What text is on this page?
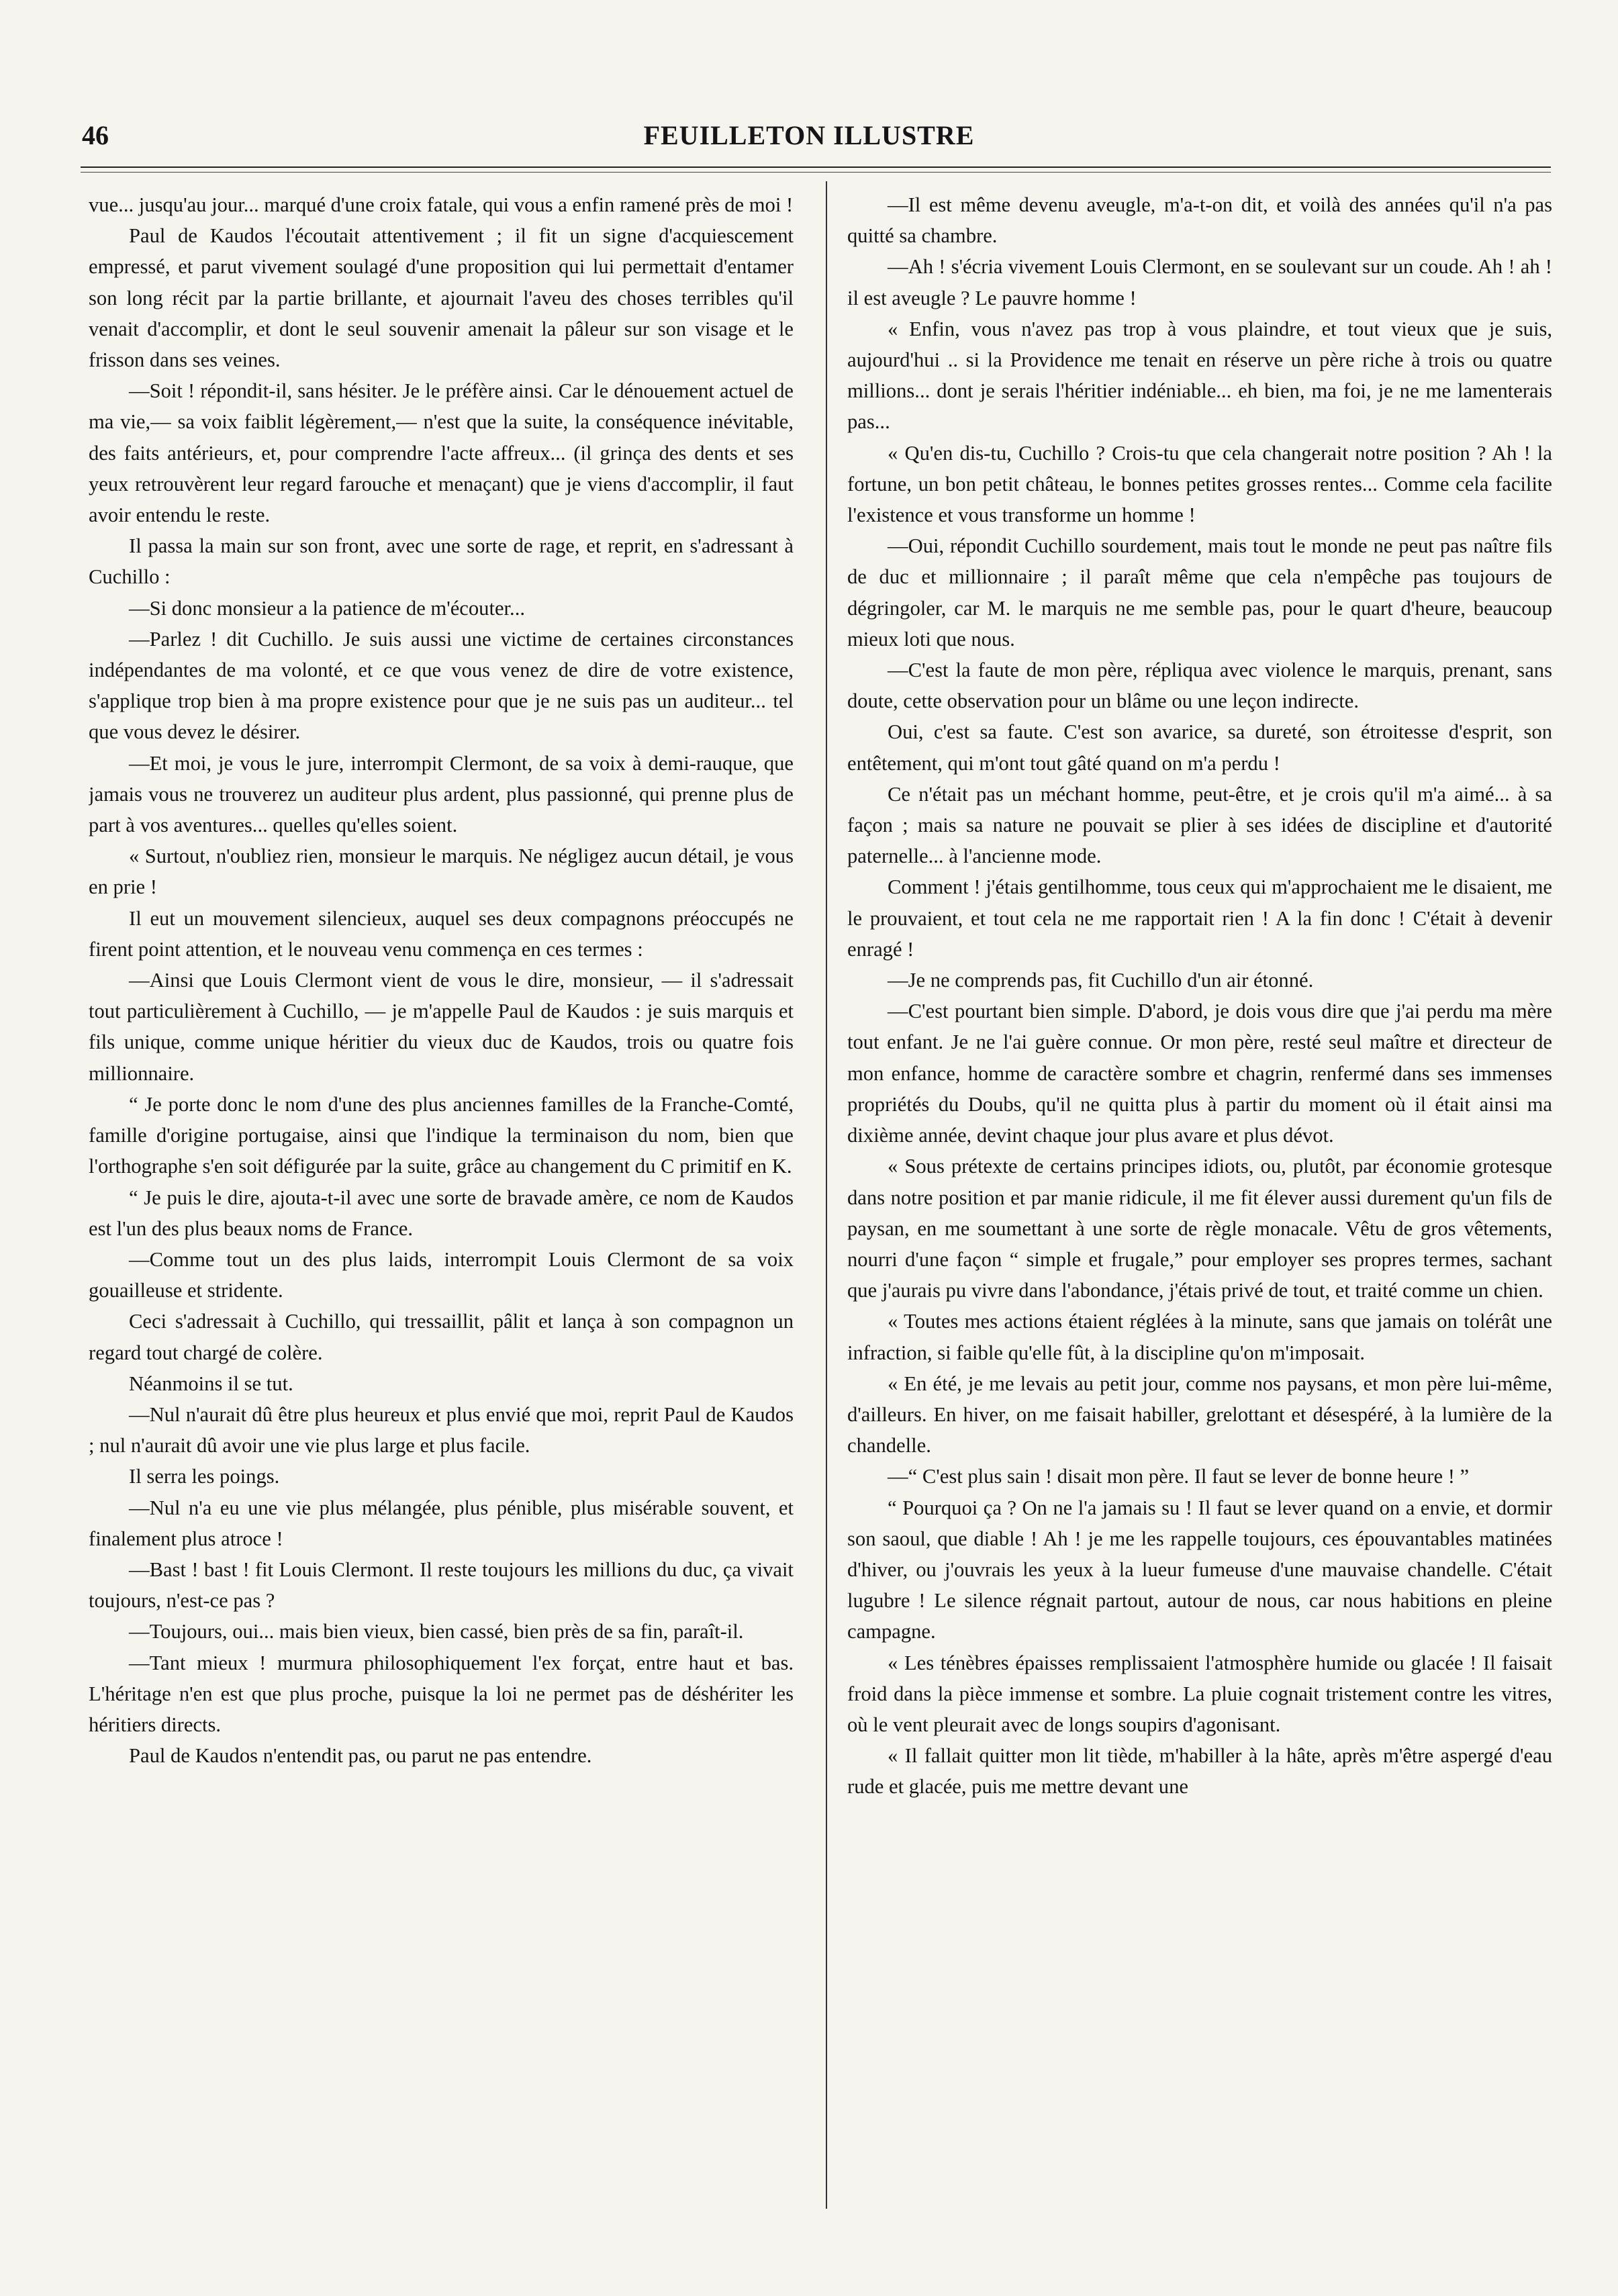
46	FEUILLETON ILLUSTRE

vue... jusqu'au jour... marqué d'une croix fatale, qui vous a enfin ramené près de moi !

Paul de Kaudos l'écoutait attentivement ; il fit un signe d'acquiescement empressé, et parut vivement soulagé d'une proposition qui lui permettait d'entamer son long récit par la partie brillante, et ajournait l'aveu des choses terribles qu'il venait d'accomplir, et dont le seul souvenir amenait la pâleur sur son visage et le frisson dans ses veines.

—Soit ! répondit-il, sans hésiter. Je le préfère ainsi. Car le dénouement actuel de ma vie,— sa voix faiblit légèrement,— n'est que la suite, la conséquence inévitable, des faits antérieurs, et, pour comprendre l'acte affreux... (il grinça des dents et ses yeux retrouvèrent leur regard farouche et menaçant) que je viens d'accomplir, il faut avoir entendu le reste.

Il passa la main sur son front, avec une sorte de rage, et reprit, en s'adressant à Cuchillo :

—Si donc monsieur a la patience de m'écouter...

—Parlez ! dit Cuchillo. Je suis aussi une victime de certaines circonstances indépendantes de ma volonté, et ce que vous venez de dire de votre existence, s'applique trop bien à ma propre existence pour que je ne suis pas un auditeur... tel que vous devez le désirer.

—Et moi, je vous le jure, interrompit Clermont, de sa voix à demi-rauque, que jamais vous ne trouverez un auditeur plus ardent, plus passionné, qui prenne plus de part à vos aventures... quelles qu'elles soient.

« Surtout, n'oubliez rien, monsieur le marquis. Ne négligez aucun détail, je vous en prie !

Il eut un mouvement silencieux, auquel ses deux compagnons préoccupés ne firent point attention, et le nouveau venu commença en ces termes :

—Ainsi que Louis Clermont vient de vous le dire, monsieur, — il s'adressait tout particulièrement à Cuchillo, — je m'appelle Paul de Kaudos : je suis marquis et fils unique, comme unique héritier du vieux duc de Kaudos, trois ou quatre fois millionnaire.

“ Je porte donc le nom d'une des plus anciennes familles de la Franche-Comté, famille d'origine portugaise, ainsi que l'indique la terminaison du nom, bien que l'orthographe s'en soit défigurée par la suite, grâce au changement du C primitif en K.

“ Je puis le dire, ajouta-t-il avec une sorte de bravade amère, ce nom de Kaudos est l'un des plus beaux noms de France.

—Comme tout un des plus laids, interrompit Louis Clermont de sa voix gouailleuse et stridente.

Ceci s'adressait à Cuchillo, qui tressaillit, pâlit et lança à son compagnon un regard tout chargé de colère.

Néanmoins il se tut.

—Nul n'aurait dû être plus heureux et plus envié que moi, reprit Paul de Kaudos ; nul n'aurait dû avoir une vie plus large et plus facile.

Il serra les poings.

—Nul n'a eu une vie plus mélangée, plus pénible, plus misérable souvent, et finalement plus atroce !

—Bast ! bast ! fit Louis Clermont. Il reste toujours les millions du duc, ça vivait toujours, n'est-ce pas ?

—Toujours, oui... mais bien vieux, bien cassé, bien près de sa fin, paraît-il.

—Tant mieux ! murmura philosophiquement l'ex forçat, entre haut et bas. L'héritage n'en est que plus proche, puisque la loi ne permet pas de déshériter les héritiers directs.

Paul de Kaudos n'entendit pas, ou parut ne pas entendre.

—Il est même devenu aveugle, m'a-t-on dit, et voilà des années qu'il n'a pas quitté sa chambre.

—Ah ! s'écria vivement Louis Clermont, en se soulevant sur un coude. Ah ! ah ! il est aveugle ? Le pauvre homme !

« Enfin, vous n'avez pas trop à vous plaindre, et tout vieux que je suis, aujourd'hui .. si la Providence me tenait en réserve un père riche à trois ou quatre millions... dont je serais l'héritier indéniable... eh bien, ma foi, je ne me lamenterais pas...

« Qu'en dis-tu, Cuchillo ? Crois-tu que cela changerait notre position ? Ah ! la fortune, un bon petit château, le bonnes petites grosses rentes... Comme cela facilite l'existence et vous transforme un homme !

—Oui, répondit Cuchillo sourdement, mais tout le monde ne peut pas naître fils de duc et millionnaire ; il paraît même que cela n'empêche pas toujours de dégringoler, car M. le marquis ne me semble pas, pour le quart d'heure, beaucoup mieux loti que nous.

—C'est la faute de mon père, répliqua avec violence le marquis, prenant, sans doute, cette observation pour un blâme ou une leçon indirecte.

Oui, c'est sa faute. C'est son avarice, sa dureté, son étroitesse d'esprit, son entêtement, qui m'ont tout gâté quand on m'a perdu !

Ce n'était pas un méchant homme, peut-être, et je crois qu'il m'a aimé... à sa façon ; mais sa nature ne pouvait se plier à ses idées de discipline et d'autorité paternelle... à l'ancienne mode.

Comment ! j'étais gentilhomme, tous ceux qui m'approchaient me le disaient, me le prouvaient, et tout cela ne me rapportait rien ! A la fin donc ! C'était à devenir enragé !

—Je ne comprends pas, fit Cuchillo d'un air étonné.

—C'est pourtant bien simple. D'abord, je dois vous dire que j'ai perdu ma mère tout enfant. Je ne l'ai guère connue. Or mon père, resté seul maître et directeur de mon enfance, homme de caractère sombre et chagrin, renfermé dans ses immenses propriétés du Doubs, qu'il ne quitta plus à partir du moment où il était ainsi ma dixième année, devint chaque jour plus avare et plus dévot.

« Sous prétexte de certains principes idiots, ou, plutôt, par économie grotesque dans notre position et par manie ridicule, il me fit élever aussi durement qu'un fils de paysan, en me soumettant à une sorte de règle monacale. Vêtu de gros vêtements, nourri d'une façon “ simple et frugale,” pour employer ses propres termes, sachant que j'aurais pu vivre dans l'abondance, j'étais privé de tout, et traité comme un chien.

« Toutes mes actions étaient réglées à la minute, sans que jamais on tolérât une infraction, si faible qu'elle fût, à la discipline qu'on m'imposait.

« En été, je me levais au petit jour, comme nos paysans, et mon père lui-même, d'ailleurs. En hiver, on me faisait habiller, grelottant et désespéré, à la lumière de la chandelle.

—“ C'est plus sain ! disait mon père. Il faut se lever de bonne heure ! ”

“ Pourquoi ça ? On ne l'a jamais su ! Il faut se lever quand on a envie, et dormir son saoul, que diable ! Ah ! je me les rappelle toujours, ces épouvantables matinées d'hiver, ou j'ouvrais les yeux à la lueur fumeuse d'une mauvaise chandelle. C'était lugubre ! Le silence régnait partout, autour de nous, car nous habitions en pleine campagne.

« Les ténèbres épaisses remplissaient l'atmosphère humide ou glacée ! Il faisait froid dans la pièce immense et sombre. La pluie cognait tristement contre les vitres, où le vent pleurait avec de longs soupirs d'agonisant.

« Il fallait quitter mon lit tiède, m'habiller à la hâte, après m'être aspergé d'eau rude et glacée, puis me mettre devant une
